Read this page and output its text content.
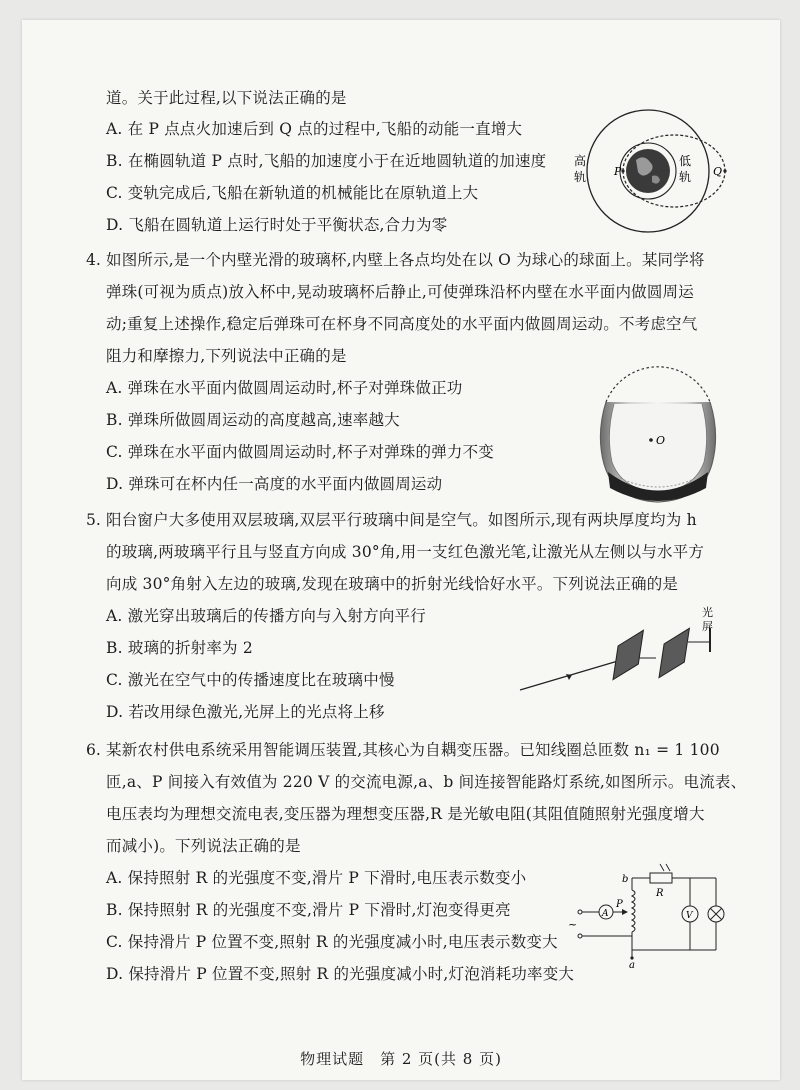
道。关于此过程,以下说法正确的是
A. 在 P 点点火加速后到 Q 点的过程中,飞船的动能一直增大
B. 在椭圆轨道 P 点时,飞船的加速度小于在近地圆轨道的加速度
C. 变轨完成后,飞船在新轨道的机械能比在原轨道上大
D. 飞船在圆轨道上运行时处于平衡状态,合力为零
高
轨	P
低
轨 Q
4. 如图所示,是一个内壁光滑的玻璃杯,内壁上各点均处在以 O 为球心的球面上。某同学将
弹珠(可视为质点)放入杯中,晃动玻璃杯后静止,可使弹珠沿杯内壁在水平面内做圆周运
动;重复上述操作,稳定后弹珠可在杯身不同高度处的水平面内做圆周运动。不考虑空气
阻力和摩擦力,下列说法中正确的是
A. 弹珠在水平面内做圆周运动时,杯子对弹珠做正功
B. 弹珠所做圆周运动的高度越高,速率越大
C. 弹珠在水平面内做圆周运动时,杯子对弹珠的弹力不变
D. 弹珠可在杯内任一高度的水平面内做圆周运动
O
5. 阳台窗户大多使用双层玻璃,双层平行玻璃中间是空气。如图所示,现有两块厚度均为 h
的玻璃,两玻璃平行且与竖直方向成 30°角,用一支红色激光笔,让激光从左侧以与水平方
向成 30°角射入左边的玻璃,发现在玻璃中的折射光线恰好水平。下列说法正确的是
A. 激光穿出玻璃后的传播方向与入射方向平行
B. 玻璃的折射率为 2
C. 激光在空气中的传播速度比在玻璃中慢
D. 若改用绿色激光,光屏上的光点将上移
光
屏
6. 某新农村供电系统采用智能调压装置,其核心为自耦变压器。已知线圈总匝数 n₁ = 1 100
匝,a、P 间接入有效值为 220 V 的交流电源,a、b 间连接智能路灯系统,如图所示。电流表、
电压表均为理想交流电表,变压器为理想变压器,R 是光敏电阻(其阻值随照射光强度增大
而减小)。下列说法正确的是
A. 保持照射 R 的光强度不变,滑片 P 下滑时,电压表示数变小
B. 保持照射 R 的光强度不变,滑片 P 下滑时,灯泡变得更亮
C. 保持滑片 P 位置不变,照射 R 的光强度减小时,电压表示数变大
D. 保持滑片 P 位置不变,照射 R 的光强度减小时,灯泡消耗功率变大
R
V
b
a
P
A
~
物理试题　第 2 页(共 8 页)
